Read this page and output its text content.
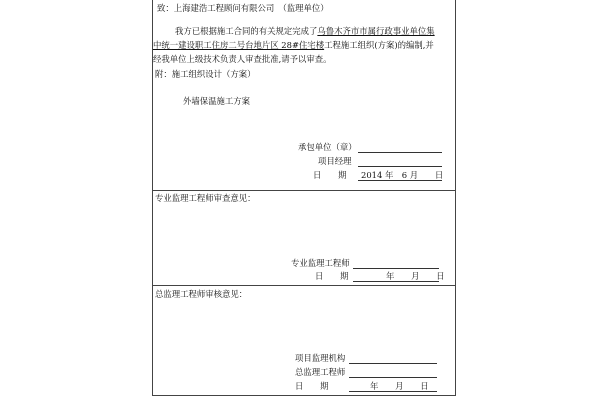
致：上海建浩工程顾问有限公司　 （监理单位）
我方已根据施工合同的有关规定完成了乌鲁木齐市市属行政事业单位集
中统一建设职工住房二号台地片区 28#住宅楼工程施工组织(方案)的编制,并
经我单位上级技术负责人审查批准,请予以审查。
附：施工组织设计（方案）
外墙保温施工方案
承包单位（章）
项目经理
日　　期 2014 年　6 月　　日
专业监理工程师审查意见：
专业监理工程师
日　　期	年　　月　　日
总监理工程师审核意见：
项目监理机构
总监理工程师
日　　期	年　　月　　日
